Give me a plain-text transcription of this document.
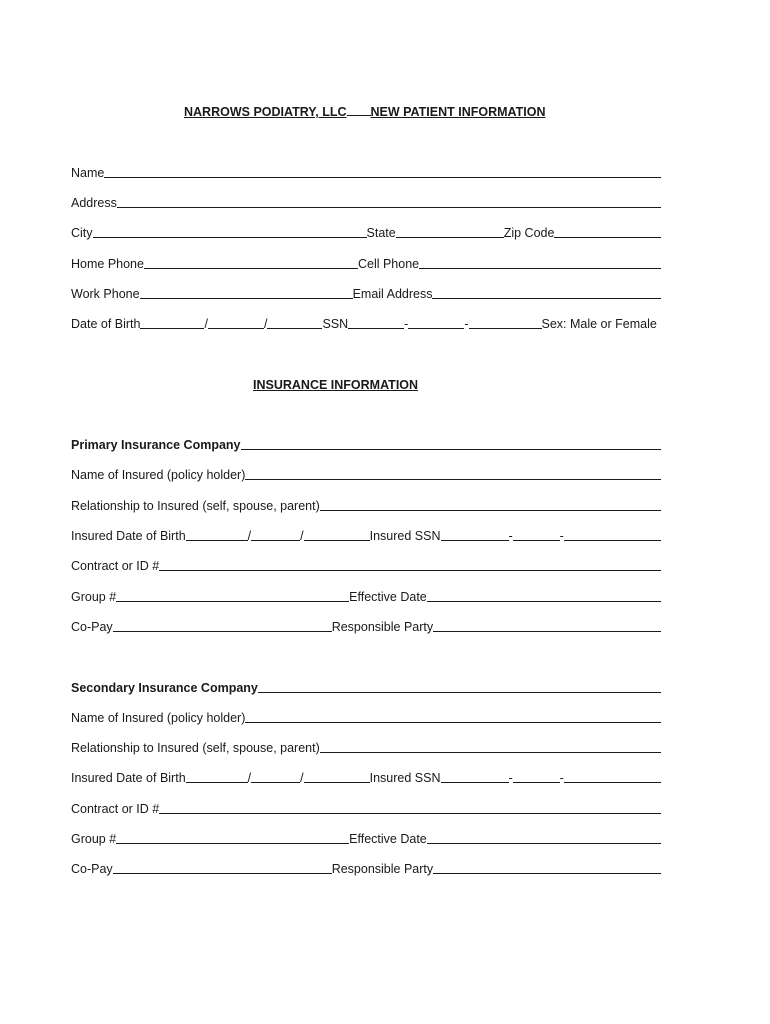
NARROWS PODIATRY, LLC NEW PATIENT INFORMATION
Name
Address
City	State	Zip Code
Home Phone	Cell Phone
Work Phone	Email Address
Date of Birth	/	/	SSN	-	-	Sex: Male or Female
INSURANCE INFORMATION
Primary Insurance Company
Name of Insured (policy holder)
Relationship to Insured (self, spouse, parent)
Insured Date of Birth	/	/	Insured SSN	-	-
Contract or ID #
Group #	Effective Date
Co-Pay	Responsible Party
Secondary Insurance Company
Name of Insured (policy holder)
Relationship to Insured (self, spouse, parent)
Insured Date of Birth	/	/	Insured SSN	-	-
Contract or ID #
Group #	Effective Date
Co-Pay	Responsible Party
